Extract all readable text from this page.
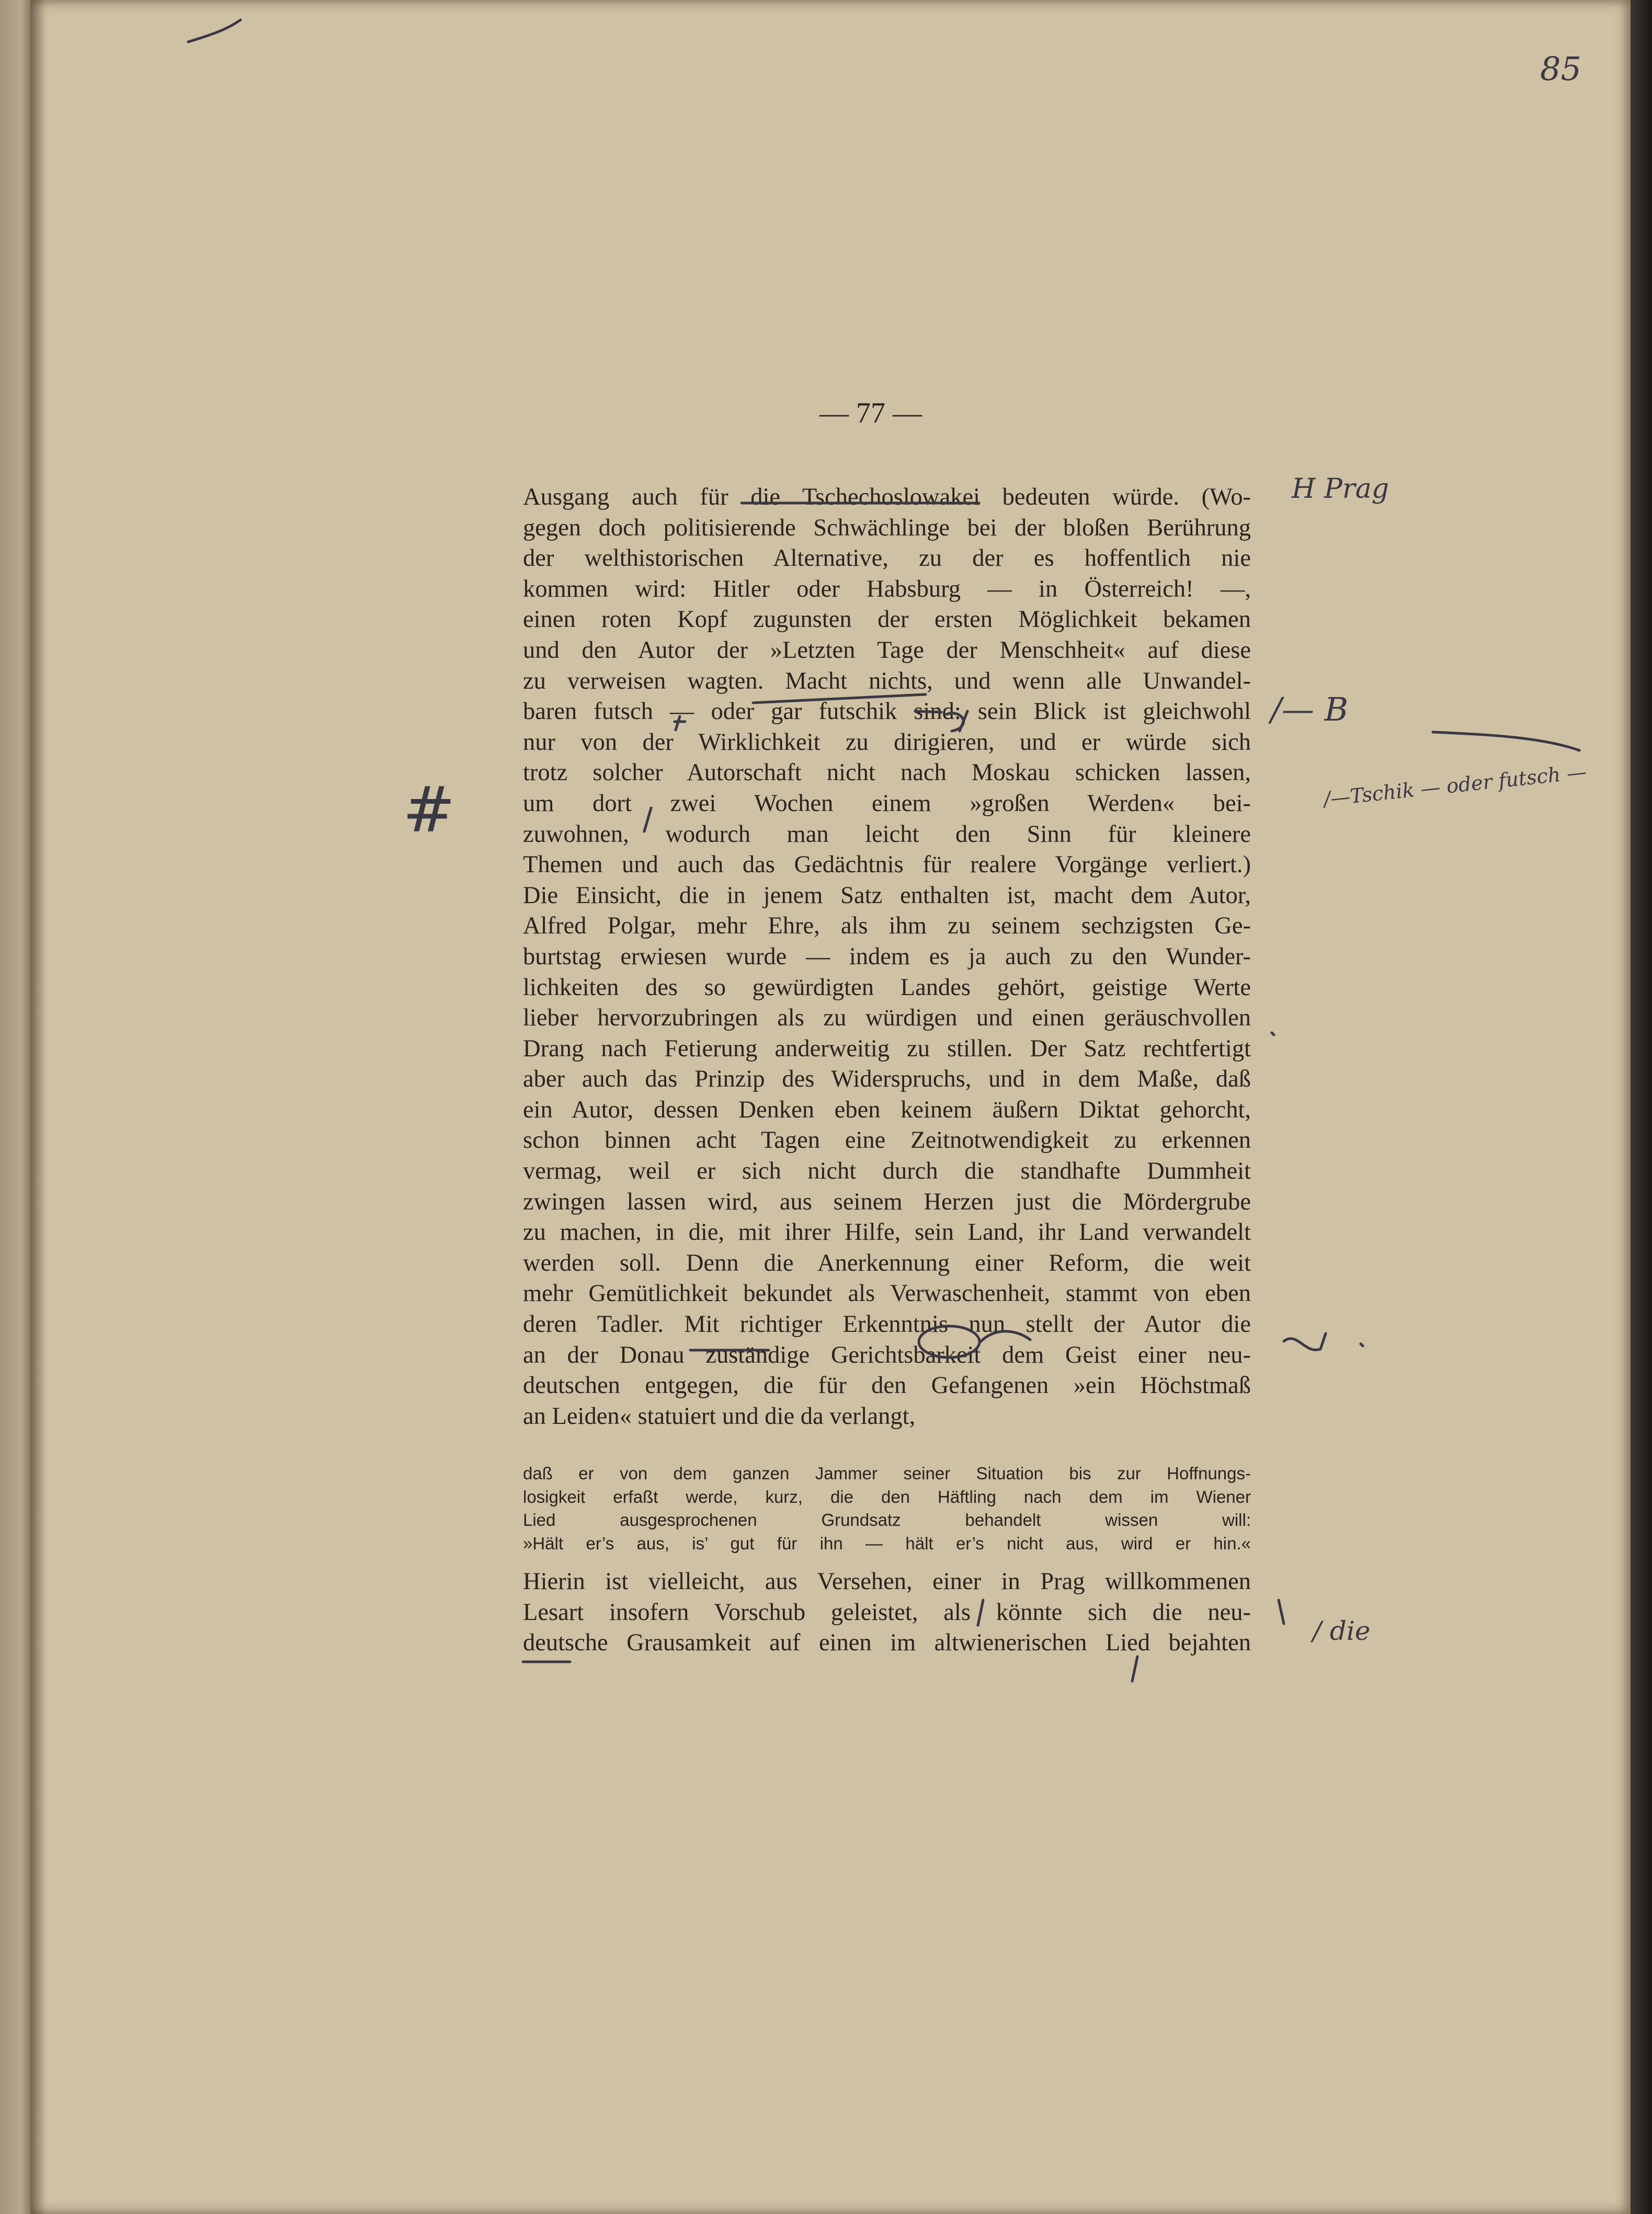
85
— 77 —
Ausgang auch für die Tschechoslowakei bedeuten würde. (Wo-
gegen doch politisierende Schwächlinge bei der bloßen Berührung
der welthistorischen Alternative, zu der es hoffentlich nie
kommen wird: Hitler oder Habsburg — in Österreich! —,
einen roten Kopf zugunsten der ersten Möglichkeit bekamen
und den Autor der »Letzten Tage der Menschheit« auf diese
zu verweisen wagten. Macht nichts, und wenn alle Unwandel-
baren futsch — oder gar futschik sind: sein Blick ist gleichwohl
nur von der Wirklichkeit zu dirigieren, und er würde sich
trotz solcher Autorschaft nicht nach Moskau schicken lassen,
um dort zwei Wochen einem »großen Werden« bei-
zuwohnen, wodurch man leicht den Sinn für kleinere
Themen und auch das Gedächtnis für realere Vorgänge verliert.)
Die Einsicht, die in jenem Satz enthalten ist, macht dem Autor,
Alfred Polgar, mehr Ehre, als ihm zu seinem sechzigsten Ge-
burtstag erwiesen wurde — indem es ja auch zu den Wunder-
lichkeiten des so gewürdigten Landes gehört, geistige Werte
lieber hervorzubringen als zu würdigen und einen geräuschvollen
Drang nach Fetierung anderweitig zu stillen. Der Satz rechtfertigt
aber auch das Prinzip des Widerspruchs, und in dem Maße, daß
ein Autor, dessen Denken eben keinem äußern Diktat gehorcht,
schon binnen acht Tagen eine Zeitnotwendigkeit zu erkennen
vermag, weil er sich nicht durch die standhafte Dummheit
zwingen lassen wird, aus seinem Herzen just die Mördergrube
zu machen, in die, mit ihrer Hilfe, sein Land, ihr Land verwandelt
werden soll. Denn die Anerkennung einer Reform, die weit
mehr Gemütlichkeit bekundet als Verwaschenheit, stammt von eben
deren Tadler. Mit richtiger Erkenntnis nun stellt der Autor die
an der Donau zuständige Gerichtsbarkeit dem Geist einer neu-
deutschen entgegen, die für den Gefangenen »ein Höchstmaß
an Leiden« statuiert und die da verlangt,
daß er von dem ganzen Jammer seiner Situation bis zur Hoffnungs-
losigkeit erfaßt werde, kurz, die den Häftling nach dem im Wiener
Lied ausgesprochenen Grundsatz behandelt wissen will:
»Hält er’s aus, is’ gut für ihn — hält er’s nicht aus, wird er hin.«
Hierin ist vielleicht, aus Versehen, einer in Prag willkommenen
Lesart insofern Vorschub geleistet, als könnte sich die neu-
deutsche Grausamkeit auf einen im altwienerischen Lied bejahten
H Prag
/— B
/—Tschik — oder futsch —
/ die
#
